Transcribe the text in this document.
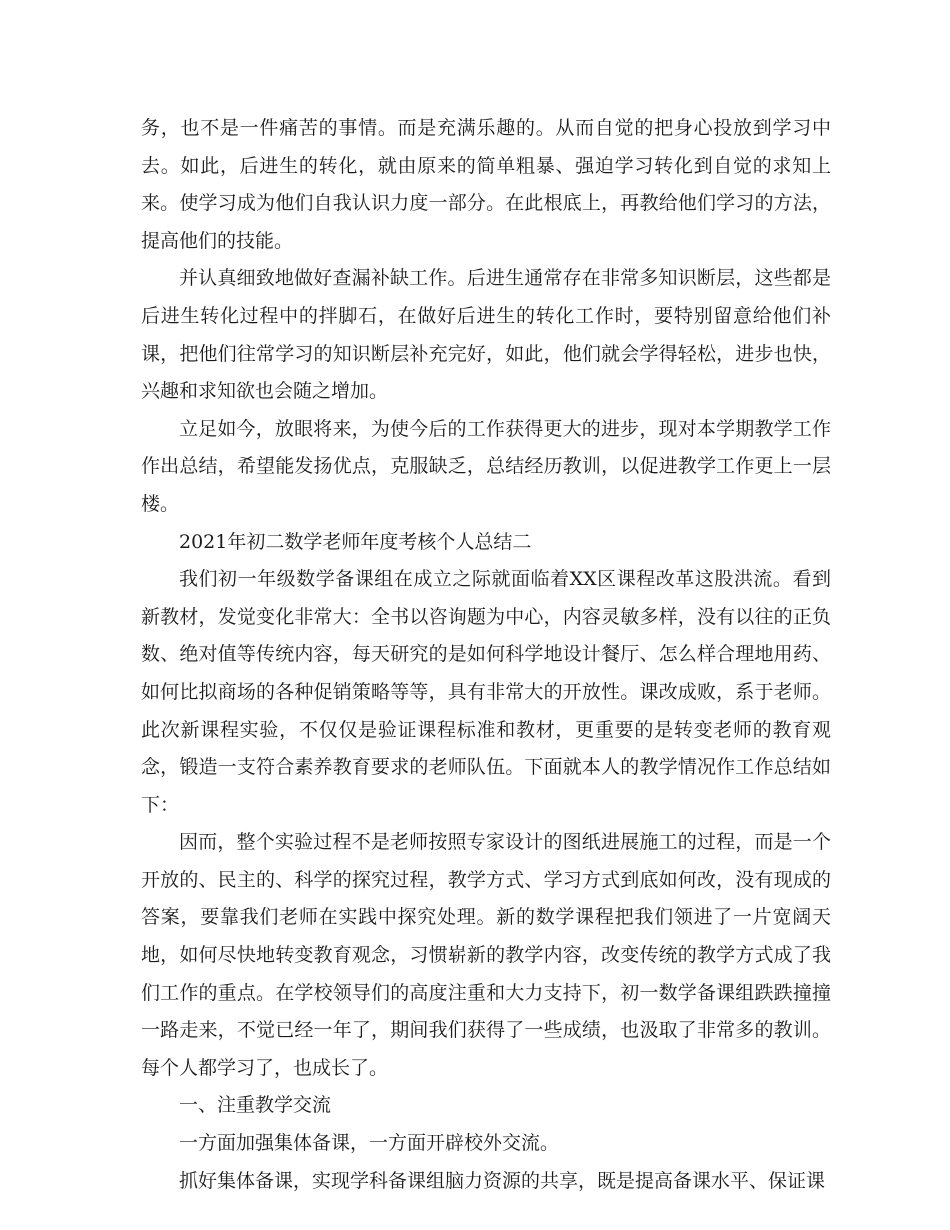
务，也不是一件痛苦的事情。而是充满乐趣的。从而自觉的把身心投放到学习中去。如此，后进生的转化，就由原来的简单粗暴、强迫学习转化到自觉的求知上来。使学习成为他们自我认识力度一部分。在此根底上，再教给他们学习的方法，提高他们的技能。

并认真细致地做好查漏补缺工作。后进生通常存在非常多知识断层，这些都是后进生转化过程中的拌脚石，在做好后进生的转化工作时，要特别留意给他们补课，把他们往常学习的知识断层补充完好，如此，他们就会学得轻松，进步也快，兴趣和求知欲也会随之增加。

立足如今，放眼将来，为使今后的工作获得更大的进步，现对本学期教学工作作出总结，希望能发扬优点，克服缺乏，总结经历教训，以促进教学工作更上一层楼。

2021年初二数学老师年度考核个人总结二

我们初一年级数学备课组在成立之际就面临着XX区课程改革这股洪流。看到新教材，发觉变化非常大：全书以咨询题为中心，内容灵敏多样，没有以往的正负数、绝对值等传统内容，每天研究的是如何科学地设计餐厅、怎么样合理地用药、如何比拟商场的各种促销策略等等，具有非常大的开放性。课改成败，系于老师。此次新课程实验，不仅仅是验证课程标准和教材，更重要的是转变老师的教育观念，锻造一支符合素养教育要求的老师队伍。下面就本人的教学情况作工作总结如下：

因而，整个实验过程不是老师按照专家设计的图纸进展施工的过程，而是一个开放的、民主的、科学的探究过程，教学方式、学习方式到底如何改，没有现成的答案，要靠我们老师在实践中探究处理。新的数学课程把我们领进了一片宽阔天地，如何尽快地转变教育观念，习惯崭新的教学内容，改变传统的教学方式成了我们工作的重点。在学校领导们的高度注重和大力支持下，初一数学备课组跌跌撞撞一路走来，不觉已经一年了，期间我们获得了一些成绩，也汲取了非常多的教训。每个人都学习了，也成长了。

一、注重教学交流

一方面加强集体备课，一方面开辟校外交流。

抓好集体备课，实现学科备课组脑力资源的共享，既是提高备课水平、保证课
